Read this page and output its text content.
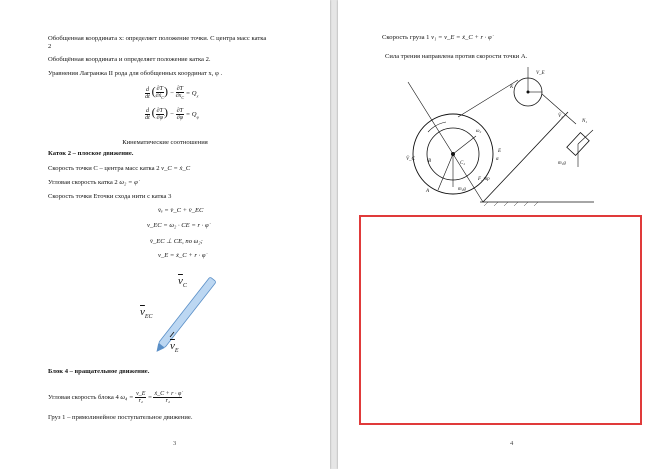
Обобщенная координата x: определяет положение точки. С центра масс катка
2
Обобщённая координата и определяет положение катка 2.
Уравнения Лагранжа II рода для обобщенных координат x, φ .
$\frac{d}{dt}$ ( $\frac{\partial T}{\partial ẋ_C}$ ) − $\frac{\partial T}{\partial x_C} = Q_x$
$\frac{d}{dt}$ ( $\frac{\partial T}{\partial\varphi̇}$ ) − $\frac{\partial T}{\partial\varphi} = Q_\varphi$
Кинематические соотношения
Каток 2 – плоское движение.
Скорость точки С – центра масс катка 2 v_C = ẋ_C
Угловая скорость катка 2 ω₂ = φ̇
Скорость точки Eточки схода нити с катка 3
v̄ₑ = v̄_C + v̄_EC
v_EC = ω₂ · CE = r · φ̇
v̄_EC ⊥ CE, по ω₂;
v_E = ẋ_C + r · φ̇
$\overline{v}_C$
$\overline{v}_{EC}$
$\overline{v}_E$
Блок 4 – вращательное движение.
Угловая скорость блока 4 $\omega_4 = \frac{v\_E}{\text{r₂}} = \frac{\text{ẋ\_C + r · φ̇}}{\text{r₂}}$
Груз 1 – прямолинейное поступательное движение.
3
Скорость груза 1 v₁ = v_E = ẋ_C + r · φ̇
Сила трения направлена против скорости точки А.
C₂
B
ω₂
m₂g
A
F_тр
K
V_E
V̄₁
N₁
m₁g
α
V̄_C
E
4
